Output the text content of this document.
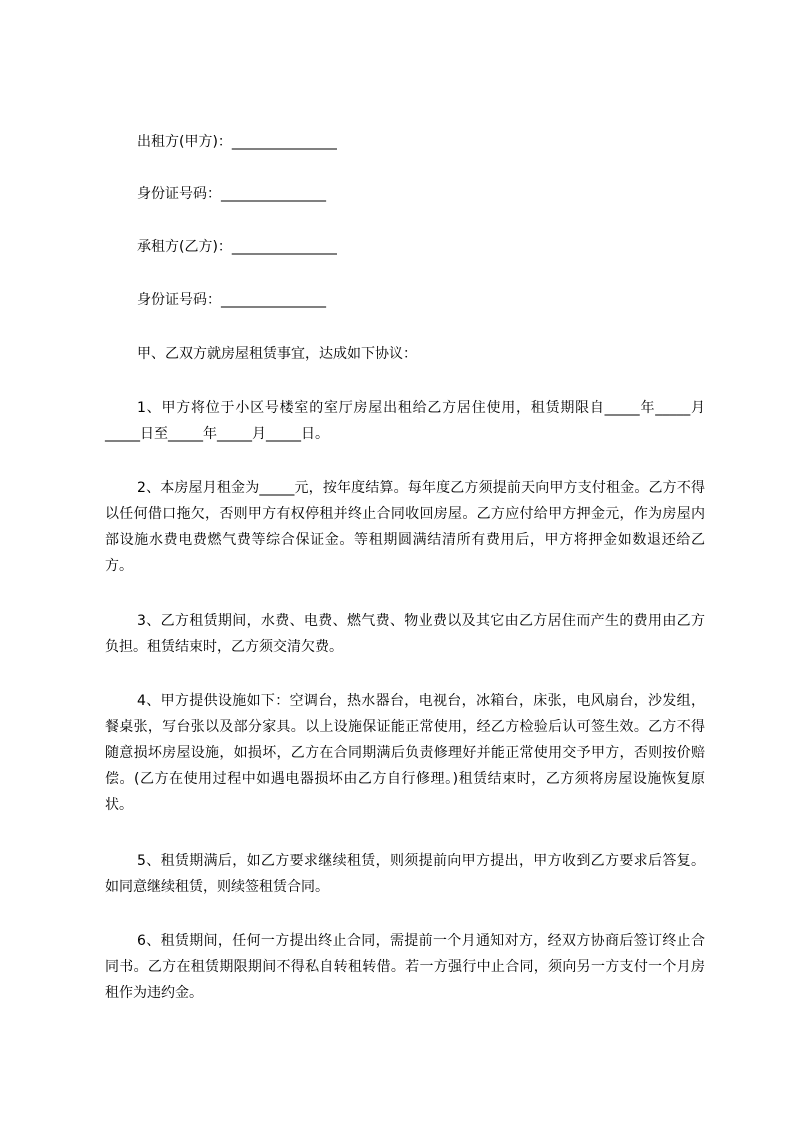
出租方(甲方)：_______________
身份证号码：_______________
承租方(乙方)：_______________
身份证号码：_______________
甲、乙双方就房屋租赁事宜，达成如下协议：
1、甲方将位于小区号楼室的室厅房屋出租给乙方居住使用，租赁期限自_____年_____月_____日至_____年_____月_____日。
2、本房屋月租金为_____元，按年度结算。每年度乙方须提前天向甲方支付租金。乙方不得以任何借口拖欠，否则甲方有权停租并终止合同收回房屋。乙方应付给甲方押金元，作为房屋内部设施水费电费燃气费等综合保证金。等租期圆满结清所有费用后，甲方将押金如数退还给乙方。
3、乙方租赁期间，水费、电费、燃气费、物业费以及其它由乙方居住而产生的费用由乙方负担。租赁结束时，乙方须交清欠费。
4、甲方提供设施如下：空调台，热水器台，电视台，冰箱台，床张，电风扇台，沙发组，餐桌张，写台张以及部分家具。以上设施保证能正常使用，经乙方检验后认可签生效。乙方不得随意损坏房屋设施，如损坏，乙方在合同期满后负责修理好并能正常使用交予甲方，否则按价赔偿。(乙方在使用过程中如遇电器损坏由乙方自行修理。)租赁结束时，乙方须将房屋设施恢复原状。
5、租赁期满后，如乙方要求继续租赁，则须提前向甲方提出，甲方收到乙方要求后答复。如同意继续租赁，则续签租赁合同。
6、租赁期间，任何一方提出终止合同，需提前一个月通知对方，经双方协商后签订终止合同书。乙方在租赁期限期间不得私自转租转借。若一方强行中止合同，须向另一方支付一个月房租作为违约金。
